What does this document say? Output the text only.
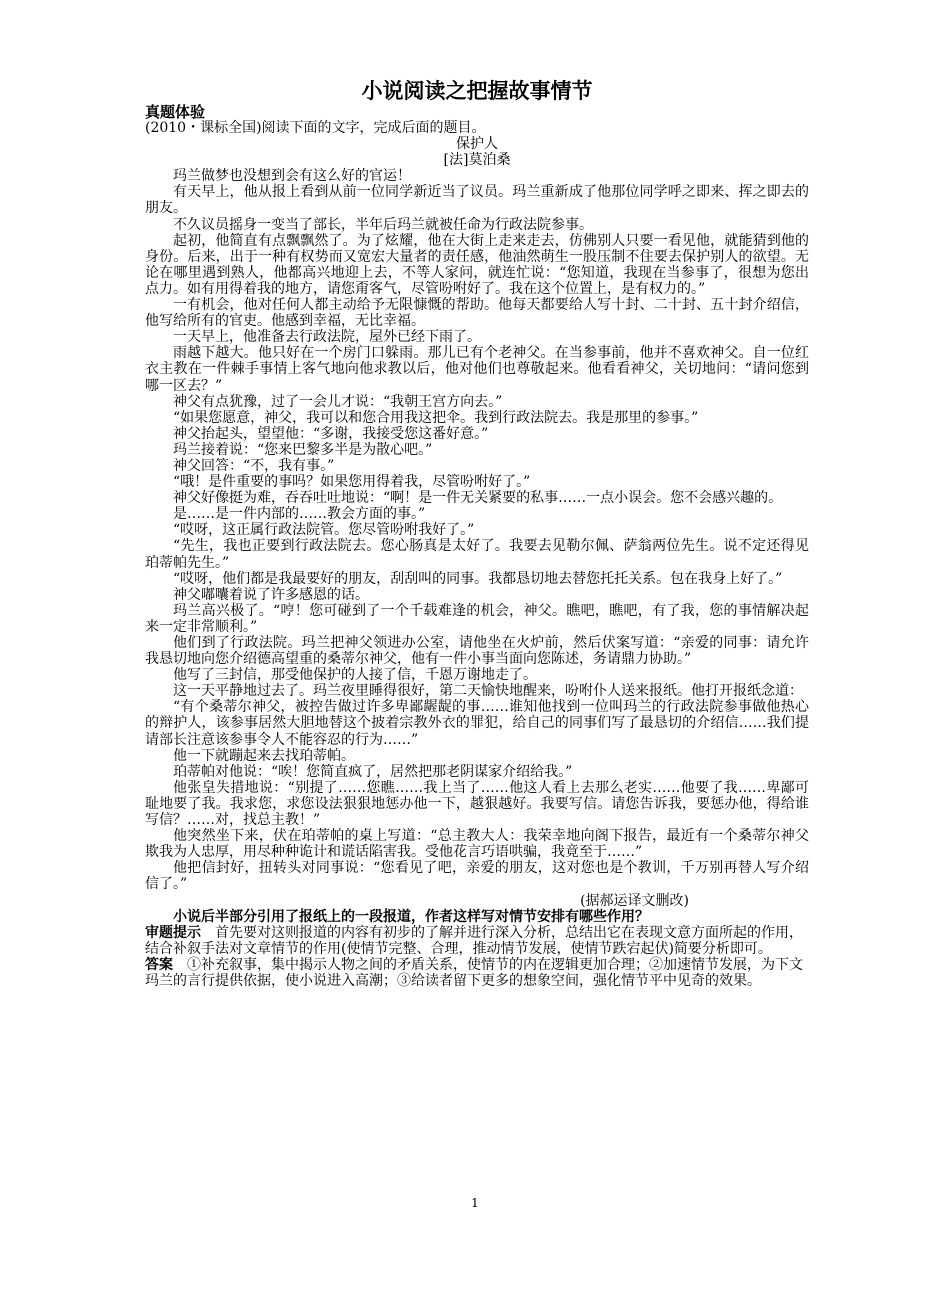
小说阅读之把握故事情节

真题体验

(2010・课标全国)阅读下面的文字，完成后面的题目。

保护人

[法]莫泊桑

玛兰做梦也没想到会有这么好的官运！

有天早上，他从报上看到从前一位同学新近当了议员。玛兰重新成了他那位同学呼之即来、挥之即去的朋友。

不久议员摇身一变当了部长，半年后玛兰就被任命为行政法院参事。

起初，他简直有点飘飘然了。为了炫耀，他在大街上走来走去，仿佛别人只要一看见他，就能猜到他的身份。后来，出于一种有权势而又宽宏大量者的责任感，他油然萌生一股压制不住要去保护别人的欲望。无论在哪里遇到熟人，他都高兴地迎上去，不等人家问，就连忙说：“您知道，我现在当参事了，很想为您出点力。如有用得着我的地方，请您甭客气，尽管吩咐好了。我在这个位置上，是有权力的。”

一有机会，他对任何人都主动给予无限慷慨的帮助。他每天都要给人写十封、二十封、五十封介绍信，他写给所有的官吏。他感到幸福，无比幸福。

一天早上，他准备去行政法院，屋外已经下雨了。

雨越下越大。他只好在一个房门口躲雨。那儿已有个老神父。在当参事前，他并不喜欢神父。自一位红衣主教在一件棘手事情上客气地向他求教以后，他对他们也尊敬起来。他看看神父，关切地问：“请问您到哪一区去？”

神父有点犹豫，过了一会儿才说：“我朝王宫方向去。”

“如果您愿意，神父，我可以和您合用我这把伞。我到行政法院去。我是那里的参事。”

神父抬起头，望望他：“多谢，我接受您这番好意。”

玛兰接着说：“您来巴黎多半是为散心吧。”

神父回答：“不，我有事。”

“哦！是件重要的事吗？如果您用得着我，尽管吩咐好了。”

神父好像挺为难，吞吞吐吐地说：“啊！是一件无关紧要的私事……一点小误会。您不会感兴趣的。

是……是一件内部的……教会方面的事。”

“哎呀，这正属行政法院管。您尽管吩咐我好了。”

“先生，我也正要到行政法院去。您心肠真是太好了。我要去见勒尔佩、萨翁两位先生。说不定还得见珀蒂帕先生。”

“哎呀，他们都是我最要好的朋友，刮刮叫的同事。我都恳切地去替您托托关系。包在我身上好了。”

神父嘟囔着说了许多感恩的话。

玛兰高兴极了。“哼！您可碰到了一个千载难逢的机会，神父。瞧吧，瞧吧，有了我，您的事情解决起来一定非常顺利。”

他们到了行政法院。玛兰把神父领进办公室，请他坐在火炉前，然后伏案写道：“亲爱的同事：请允许我恳切地向您介绍德高望重的桑蒂尔神父，他有一件小事当面向您陈述，务请鼎力协助。”

他写了三封信，那受他保护的人接了信，千恩万谢地走了。

这一天平静地过去了。玛兰夜里睡得很好，第二天愉快地醒来，吩咐仆人送来报纸。他打开报纸念道：

“有个桑蒂尔神父，被控告做过许多卑鄙龌龊的事……谁知他找到一位叫玛兰的行政法院参事做他热心的辩护人，该参事居然大胆地替这个披着宗教外衣的罪犯，给自己的同事们写了最恳切的介绍信……我们提请部长注意该参事令人不能容忍的行为……”

他一下就蹦起来去找珀蒂帕。

珀蒂帕对他说：“唉！您简直疯了，居然把那老阴谋家介绍给我。”

他张皇失措地说：“别提了……您瞧……我上当了……他这人看上去那么老实……他要了我……卑鄙可耻地要了我。我求您，求您设法狠狠地惩办他一下，越狠越好。我要写信。请您告诉我，要惩办他，得给谁写信？……对，找总主教！”

他突然坐下来，伏在珀蒂帕的桌上写道：“总主教大人：我荣幸地向阁下报告，最近有一个桑蒂尔神父欺我为人忠厚，用尽种种诡计和谎话陷害我。受他花言巧语哄骗，我竟至于……”

他把信封好，扭转头对同事说：“您看见了吧，亲爱的朋友，这对您也是个教训，千万别再替人写介绍信了。”

(据郝运译文删改)

小说后半部分引用了报纸上的一段报道，作者这样写对情节安排有哪些作用？

审题提示 首先要对这则报道的内容有初步的了解并进行深入分析，总结出它在表现文意方面所起的作用，结合补叙手法对文章情节的作用(使情节完整、合理，推动情节发展，使情节跌宕起伏)简要分析即可。

答案 ①补充叙事，集中揭示人物之间的矛盾关系，使情节的内在逻辑更加合理；②加速情节发展，为下文玛兰的言行提供依据，使小说进入高潮；③给读者留下更多的想象空间，强化情节平中见奇的效果。

1
